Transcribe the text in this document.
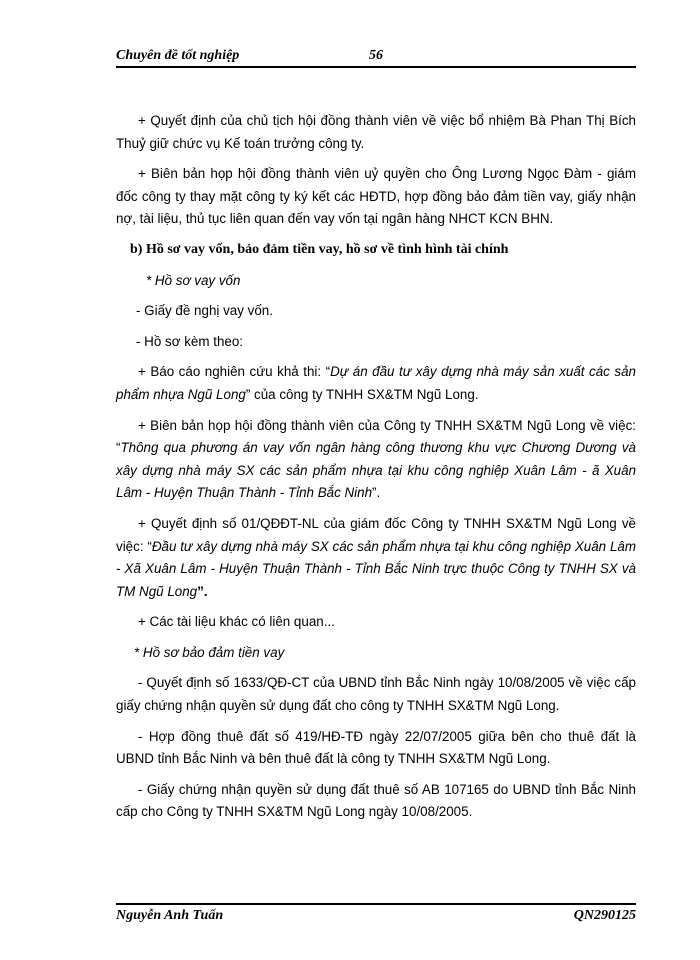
Chuyên đề tốt nghiệp	56

+ Quyết định của chủ tịch hội đồng thành viên về việc bổ nhiệm Bà Phan Thị Bích Thuỷ giữ chức vụ Kế toán trưởng công ty.

+ Biên bản họp hội đồng thành viên uỷ quyền cho Ông Lương Ngọc Đàm - giám đốc công ty thay mặt công ty ký kết các HĐTD, hợp đồng bảo đảm tiền vay, giấy nhận nợ, tài liệu, thủ tục liên quan đến vay vốn tại ngân hàng NHCT KCN BHN.

b) Hồ sơ vay vốn, bảo đảm tiền vay, hồ sơ về tình hình tài chính

* Hồ sơ vay vốn

- Giấy đề nghị vay vốn.

- Hồ sơ kèm theo:

+ Báo cáo nghiên cứu khả thi: “Dự án đầu tư xây dựng nhà máy sản xuất các sản phẩm nhựa Ngũ Long” của công ty TNHH SX&TM Ngũ Long.

+ Biên bản họp hội đồng thành viên của Công ty TNHH SX&TM Ngũ Long về việc: “Thông qua phương án vay vốn ngân hàng công thương khu vực Chương Dương và xây dựng nhà máy SX các sản phẩm nhựa tại khu công nghiệp Xuân Lâm - ã Xuân Lâm - Huyện Thuận Thành - Tỉnh Bắc Ninh”.

+ Quyết định số 01/QĐĐT-NL của giám đốc Công ty TNHH SX&TM Ngũ Long về việc: “Đầu tư xây dựng nhà máy SX các sản phẩm nhựa tại khu công nghiệp Xuân Lâm - Xã Xuân Lâm - Huyện Thuận Thành - Tỉnh Bắc Ninh trực thuộc Công ty TNHH SX và TM Ngũ Long”.

+ Các tài liệu khác có liên quan...

* Hồ sơ bảo đảm tiền vay

- Quyết định số 1633/QĐ-CT của UBND tỉnh Bắc Ninh ngày 10/08/2005 về việc cấp giấy chứng nhận quyền sử dụng đất cho công ty TNHH SX&TM Ngũ Long.

- Hợp đồng thuê đất số 419/HĐ-TĐ ngày 22/07/2005 giữa bên cho thuê đất là UBND tỉnh Bắc Ninh và bên thuê đất là công ty TNHH SX&TM Ngũ Long.

- Giấy chứng nhận quyền sử dụng đất thuê số AB 107165 do UBND tỉnh Bắc Ninh cấp cho Công ty TNHH SX&TM Ngũ Long ngày 10/08/2005.

Nguyễn Anh Tuấn	QN290125
